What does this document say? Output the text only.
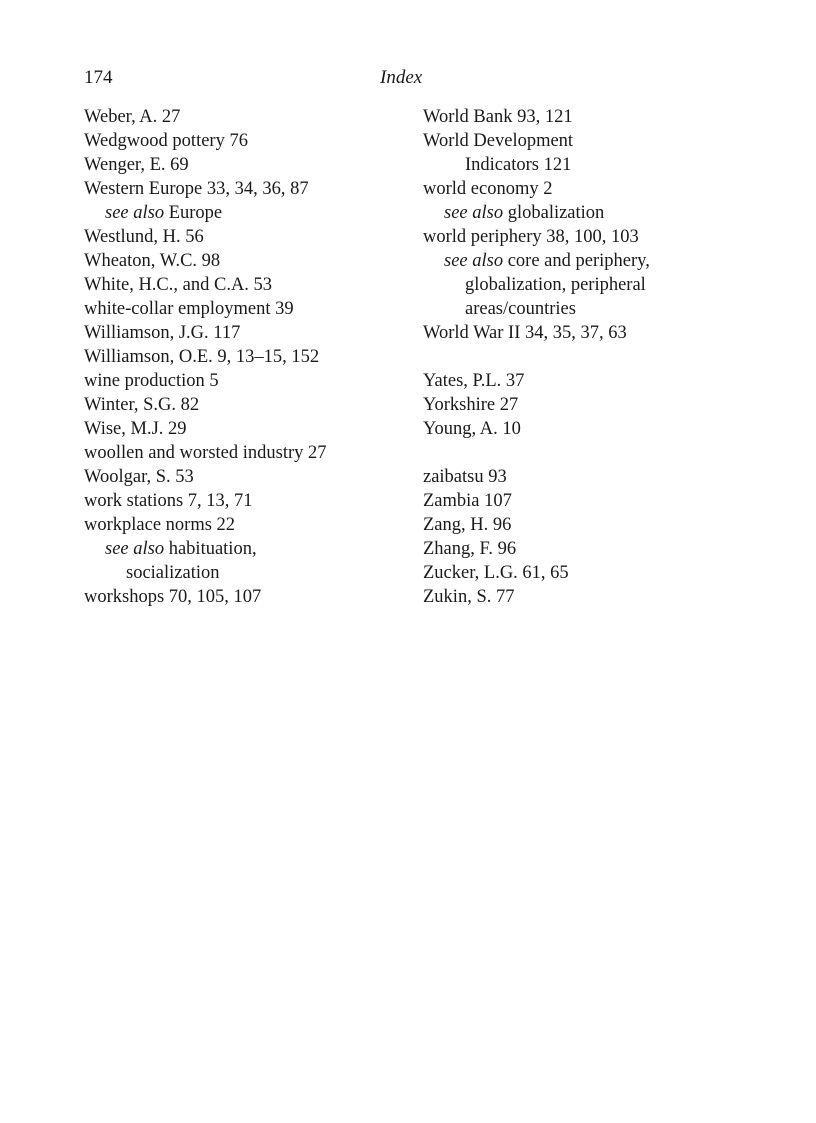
174	Index
Weber, A. 27
Wedgwood pottery 76
Wenger, E. 69
Western Europe 33, 34, 36, 87
see also Europe
Westlund, H. 56
Wheaton, W.C. 98
White, H.C., and C.A. 53
white-collar employment 39
Williamson, J.G. 117
Williamson, O.E. 9, 13–15, 152
wine production 5
Winter, S.G. 82
Wise, M.J. 29
woollen and worsted industry 27
Woolgar, S. 53
work stations 7, 13, 71
workplace norms 22
see also habituation,
socialization
workshops 70, 105, 107
World Bank 93, 121
World Development
Indicators 121
world economy 2
see also globalization
world periphery 38, 100, 103
see also core and periphery,
globalization, peripheral
areas/countries
World War II 34, 35, 37, 63
Yates, P.L. 37
Yorkshire 27
Young, A. 10
zaibatsu 93
Zambia 107
Zang, H. 96
Zhang, F. 96
Zucker, L.G. 61, 65
Zukin, S. 77
